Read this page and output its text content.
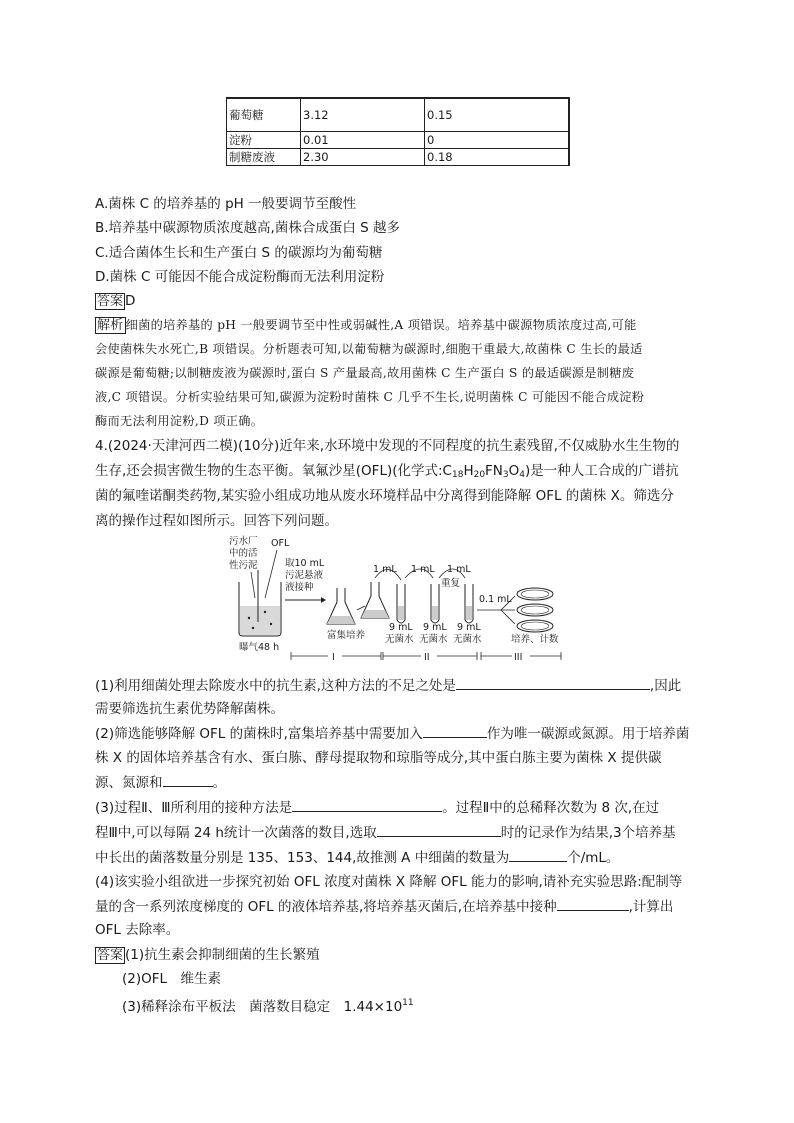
葡萄糖	3.12	0.15
淀粉	0.01	0
制糖废液	2.30	0.18
A.菌株 C 的培养基的 pH 一般要调节至酸性
B.培养基中碳源物质浓度越高,菌株合成蛋白 S 越多
C.适合菌体生长和生产蛋白 S 的碳源均为葡萄糖
D.菌株 C 可能因不能合成淀粉酶而无法利用淀粉
答案 D
解析 细菌的培养基的 pH 一般要调节至中性或弱碱性,A 项错误。培养基中碳源物质浓度过高,可能
会使菌株失水死亡,B 项错误。分析题表可知,以葡萄糖为碳源时,细胞干重最大,故菌株 C 生长的最适
碳源是葡萄糖;以制糖废液为碳源时,蛋白 S 产量最高,故用菌株 C 生产蛋白 S 的最适碳源是制糖废
液,C 项错误。分析实验结果可知,碳源为淀粉时菌株 C 几乎不生长,说明菌株 C 可能因不能合成淀粉
酶而无法利用淀粉,D 项正确。
4.(2024·天津河西二模)(10分)近年来,水环境中发现的不同程度的抗生素残留,不仅威胁水生生物的
生存,还会损害微生物的生态平衡。氧氟沙星(OFL)(化学式$:C_{18}H_{20}FN_3O_4$)是一种人工合成的广谱抗
菌的氟喹诺酮类药物,某实验小组成功地从废水环境样品中分离得到能降解 OFL 的菌株 X。筛选分
离的操作过程如图所示。回答下列问题。
污水厂
中的活
性污泥
OFL
曝气48 h
取10 mL
污泥悬液
液接种
富集培养
1 mL 1 mL 1 mL
重复
9 mL 9 mL 9 mL
无菌水 无菌水 无菌水
0.1 mL
培养、计数
I	II	III
(1)利用细菌处理去除废水中的抗生素,这种方法的不足之处是	,因此
需要筛选抗生素优势降解菌株。
(2)筛选能够降解 OFL 的菌株时,富集培养基中需要加入	作为唯一碳源或氮源。用于培养菌
株 X 的固体培养基含有水、蛋白胨、酵母提取物和琼脂等成分,其中蛋白胨主要为菌株 X 提供碳
源、氮源和	。
(3)过程Ⅱ、Ⅲ所利用的接种方法是	。过程Ⅱ中的总稀释次数为 8 次,在过
程Ⅲ中,可以每隔 24 h统计一次菌落的数目,选取	时的记录作为结果,3个培养基
中长出的菌落数量分别是 135、153、144,故推测 A 中细菌的数量为	个/mL。
(4)该实验小组欲进一步探究初始 OFL 浓度对菌株 X 降解 OFL 能力的影响,请补充实验思路:配制等
量的含一系列浓度梯度的 OFL 的液体培养基,将培养基灭菌后,在培养基中接种	,计算出
OFL 去除率。
答案 (1)抗生素会抑制细菌的生长繁殖
(2)OFL　维生素
(3)稀释涂布平板法　菌落数目稳定　$1.44\times 10^{11}$
